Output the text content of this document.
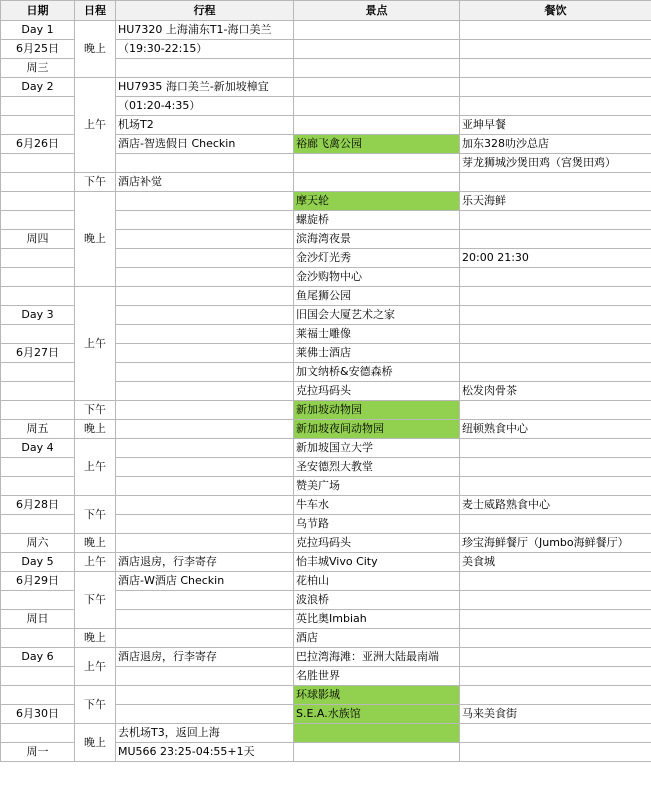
日期	日程	行程	景点	餐饮
Day 1	晚上	HU7320 上海浦东T1-海口美兰		
6月25日		（19:30-22:15）		
周三				
Day 2	上午	HU7935 海口美兰-新加坡樟宜		
		（01:20-4:35）		
		机场T2		亚坤早餐
6月26日		酒店-智选假日 Checkin	裕廊飞禽公园	加东328叻沙总店
				芽龙狮城沙煲田鸡（宫煲田鸡）
	下午	酒店补觉		
	晚上		摩天轮	乐天海鲜
			螺旋桥	
周四			滨海湾夜景	
			金沙灯光秀	20:00 21:30
			金沙购物中心	
	上午		鱼尾狮公园	
Day 3			旧国会大厦艺术之家	
			莱福士雕像	
6月27日			莱佛士酒店	
			加文纳桥&安德森桥	
			克拉玛码头	松发肉骨茶
	下午		新加坡动物园	
周五	晚上		新加坡夜间动物园	纽顿熟食中心
Day 4	上午		新加坡国立大学	
			圣安德烈大教堂	
			赞美广场	
6月28日	下午		牛车水	麦士威路熟食中心
			乌节路	
周六	晚上		克拉玛码头	珍宝海鲜餐厅（Jumbo海鲜餐厅）
Day 5	上午	酒店退房，行李寄存	怡丰城Vivo City	美食城
6月29日	下午	酒店-W酒店 Checkin	花柏山	
			波浪桥	
周日			英比奥Imbiah	
	晚上		酒店	
Day 6	上午	酒店退房，行李寄存	巴拉湾海滩：亚洲大陆最南端	
			名胜世界	
	下午		环球影城	
6月30日			S.E.A.水族馆	马来美食街
	晚上	去机场T3，返回上海		
周一		MU566 23:25-04:55+1天		
